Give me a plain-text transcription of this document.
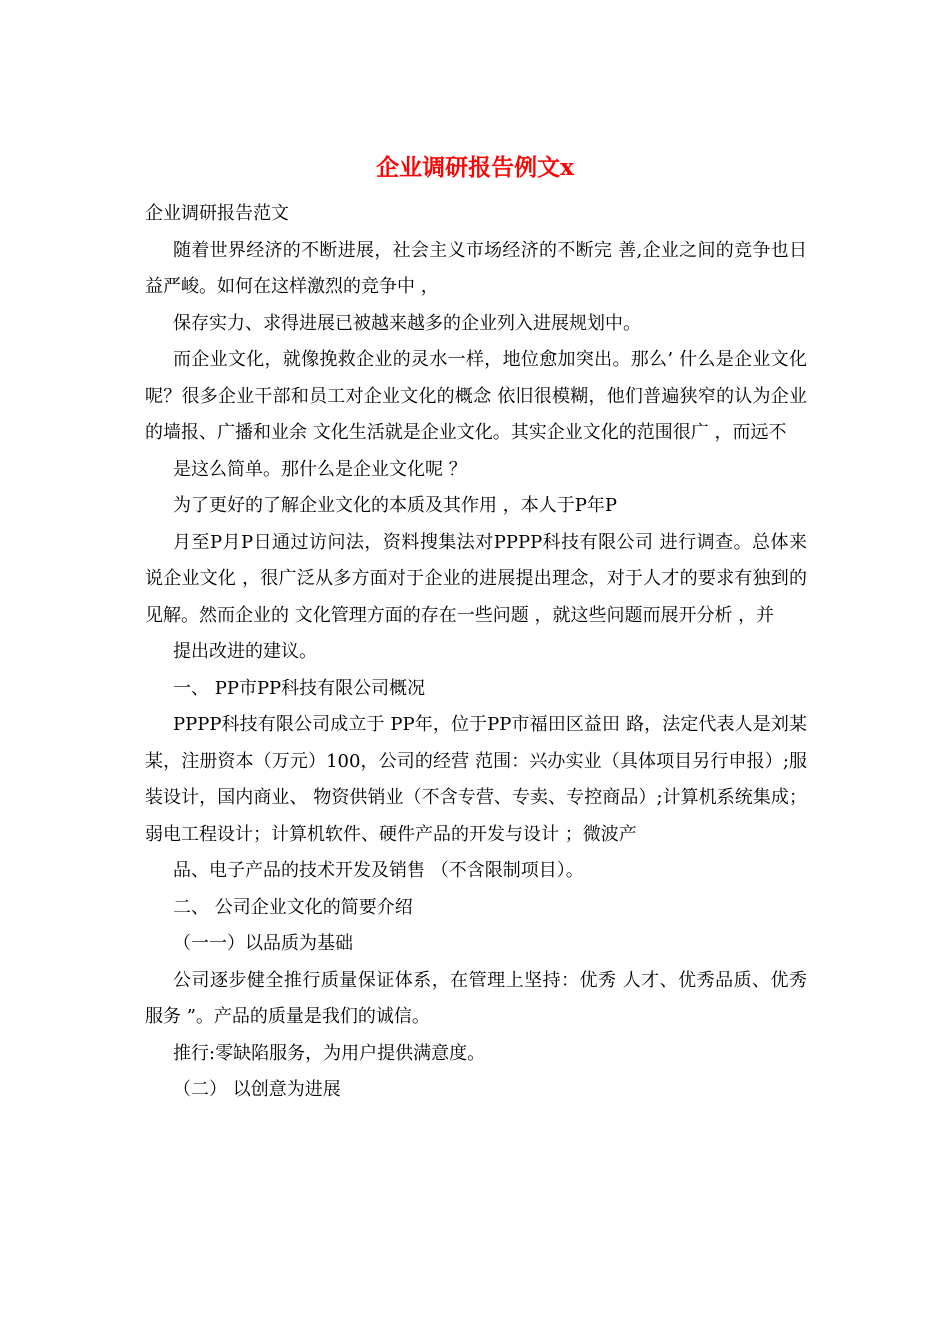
企业调研报告例文x

企业调研报告范文

随着世界经济的不断进展，社会主义市场经济的不断完 善,企业之间的竞争也日益严峻。如何在这样激烈的竞争中 ，

保存实力、求得进展已被越来越多的企业列入进展规划中。

而企业文化，就像挽救企业的灵水一样，地位愈加突出。那么’ 什么是企业文化呢？很多企业干部和员工对企业文化的概念 依旧很模糊，他们普遍狭窄的认为企业的墙报、广播和业余 文化生活就是企业文化。其实企业文化的范围很广 ，而远不

是这么简单。那什么是企业文化呢 ？

为了更好的了解企业文化的本质及其作用 ，本人于P年P

月至P月P日通过访问法，资料搜集法对PPPP科技有限公司 进行调查。总体来说企业文化 ，很广泛从多方面对于企业的进展提出理念，对于人才的要求有独到的见解。然而企业的 文化管理方面的存在一些问题 ，就这些问题而展开分析 ，并

提出改进的建议。

一、 PP市PP科技有限公司概况

PPPP科技有限公司成立于 PP年，位于PP市福田区益田 路，法定代表人是刘某某，注册资本（万元）100，公司的经营 范围：兴办实业（具体项目另行申报）;服装设计，国内商业、 物资供销业（不含专营、专卖、专控商品）;计算机系统集成； 弱电工程设计；计算机软件、硬件产品的开发与设计 ；微波产

品、电子产品的技术开发及销售 （不含限制项目）。

二、 公司企业文化的简要介绍

（一一）以品质为基础

公司逐步健全推行质量保证体系，在管理上坚持：优秀 人才、优秀品质、优秀服务 ”。产品的质量是我们的诚信。

推行:零缺陷服务，为用户提供满意度。

（二） 以创意为进展
